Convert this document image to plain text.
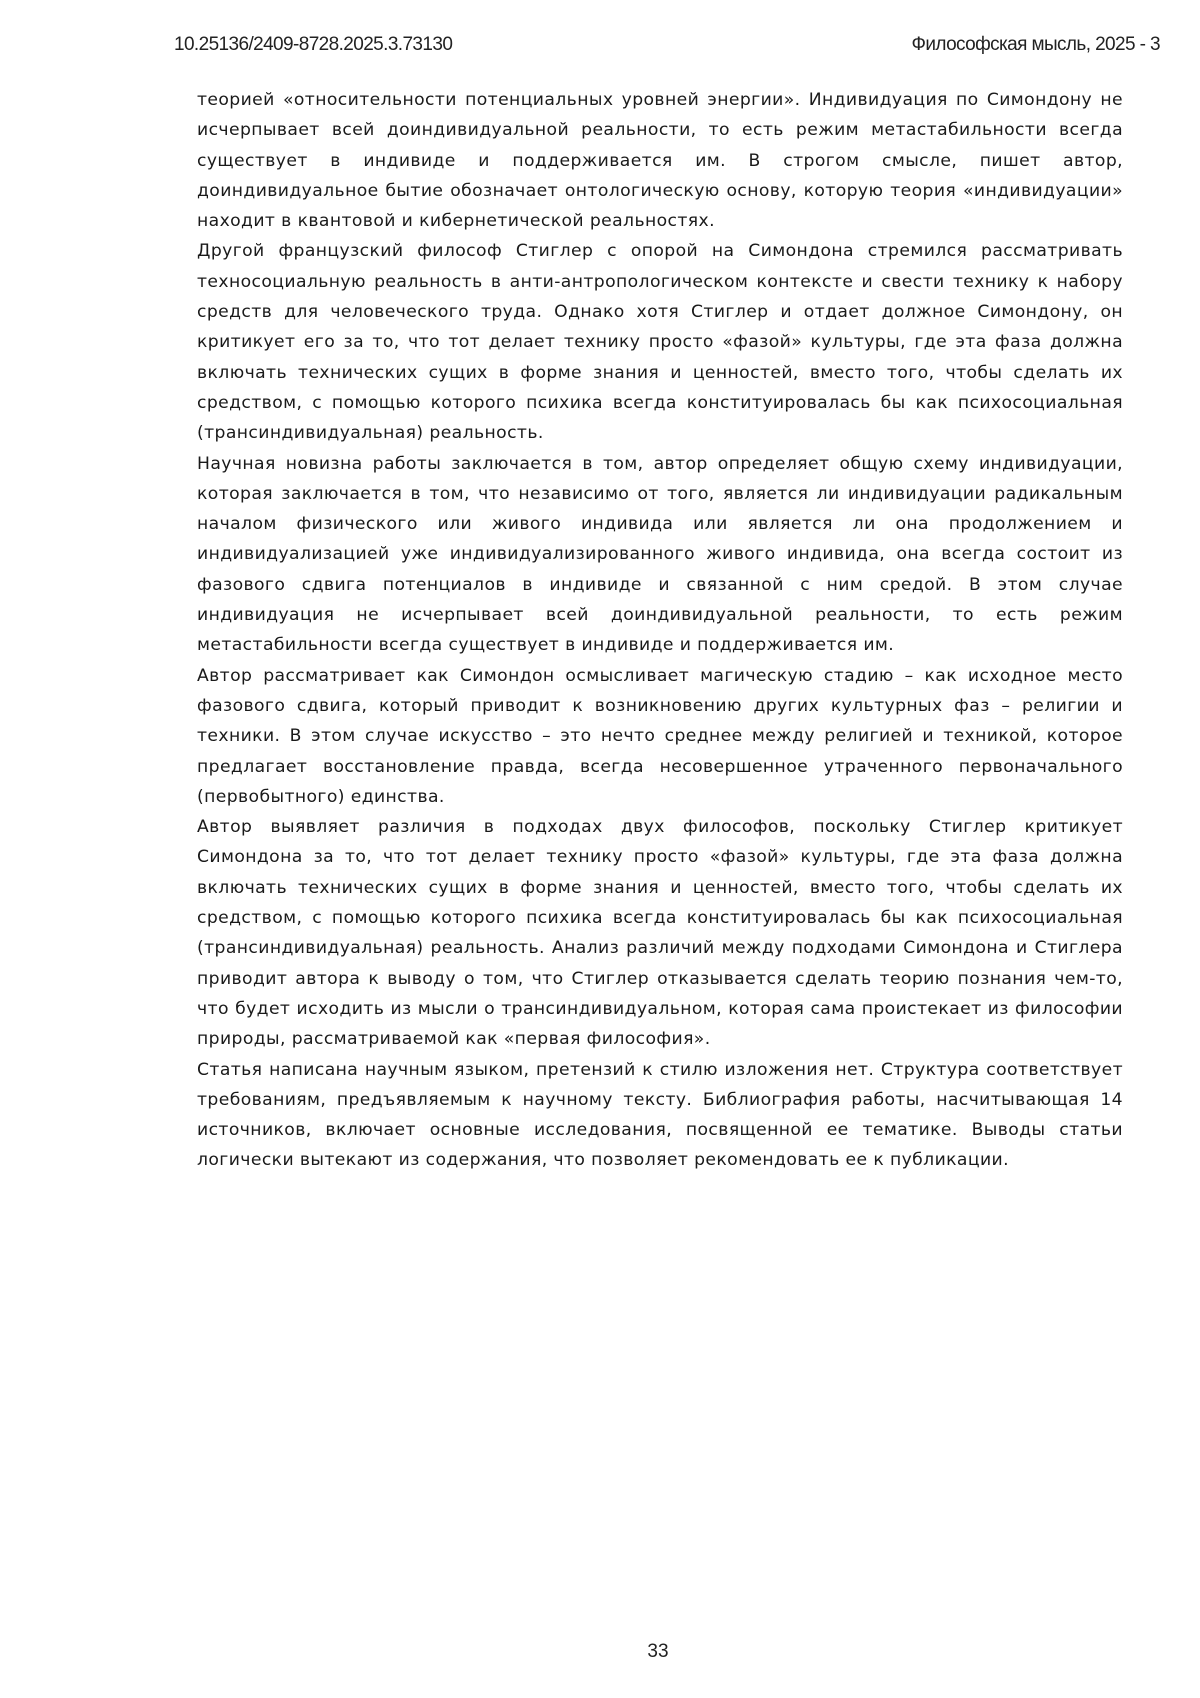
10.25136/2409-8728.2025.3.73130	Философская мысль, 2025 - 3

теорией «относительности потенциальных уровней энергии». Индивидуация по Симондону не исчерпывает всей доиндивидуальной реальности, то есть режим метастабильности всегда существует в индивиде и поддерживается им. В строгом смысле, пишет автор, доиндивидуальное бытие обозначает онтологическую основу, которую теория «индивидуации» находит в квантовой и кибернетической реальностях.

Другой французский философ Стиглер с опорой на Симондона стремился рассматривать техносоциальную реальность в анти-антропологическом контексте и свести технику к набору средств для человеческого труда. Однако хотя Стиглер и отдает должное Симондону, он критикует его за то, что тот делает технику просто «фазой» культуры, где эта фаза должна включать технических сущих в форме знания и ценностей, вместо того, чтобы сделать их средством, с помощью которого психика всегда конституировалась бы как психосоциальная (трансиндивидуальная) реальность.

Научная новизна работы заключается в том, автор определяет общую схему индивидуации, которая заключается в том, что независимо от того, является ли индивидуации радикальным началом физического или живого индивида или является ли она продолжением и индивидуализацией уже индивидуализированного живого индивида, она всегда состоит из фазового сдвига потенциалов в индивиде и связанной с ним средой. В этом случае индивидуация не исчерпывает всей доиндивидуальной реальности, то есть режим метастабильности всегда существует в индивиде и поддерживается им.

Автор рассматривает как Симондон осмысливает магическую стадию – как исходное место фазового сдвига, который приводит к возникновению других культурных фаз – религии и техники. В этом случае искусство – это нечто среднее между религией и техникой, которое предлагает восстановление правда, всегда несовершенное утраченного первоначального (первобытного) единства.

Автор выявляет различия в подходах двух философов, поскольку Стиглер критикует Симондона за то, что тот делает технику просто «фазой» культуры, где эта фаза должна включать технических сущих в форме знания и ценностей, вместо того, чтобы сделать их средством, с помощью которого психика всегда конституировалась бы как психосоциальная (трансиндивидуальная) реальность. Анализ различий между подходами Симондона и Стиглера приводит автора к выводу о том, что Стиглер отказывается сделать теорию познания чем-то, что будет исходить из мысли о трансиндивидуальном, которая сама проистекает из философии природы, рассматриваемой как «первая философия».

Статья написана научным языком, претензий к стилю изложения нет. Структура соответствует требованиям, предъявляемым к научному тексту. Библиография работы, насчитывающая 14 источников, включает основные исследования, посвященной ее тематике. Выводы статьи логически вытекают из содержания, что позволяет рекомендовать ее к публикации.

33
